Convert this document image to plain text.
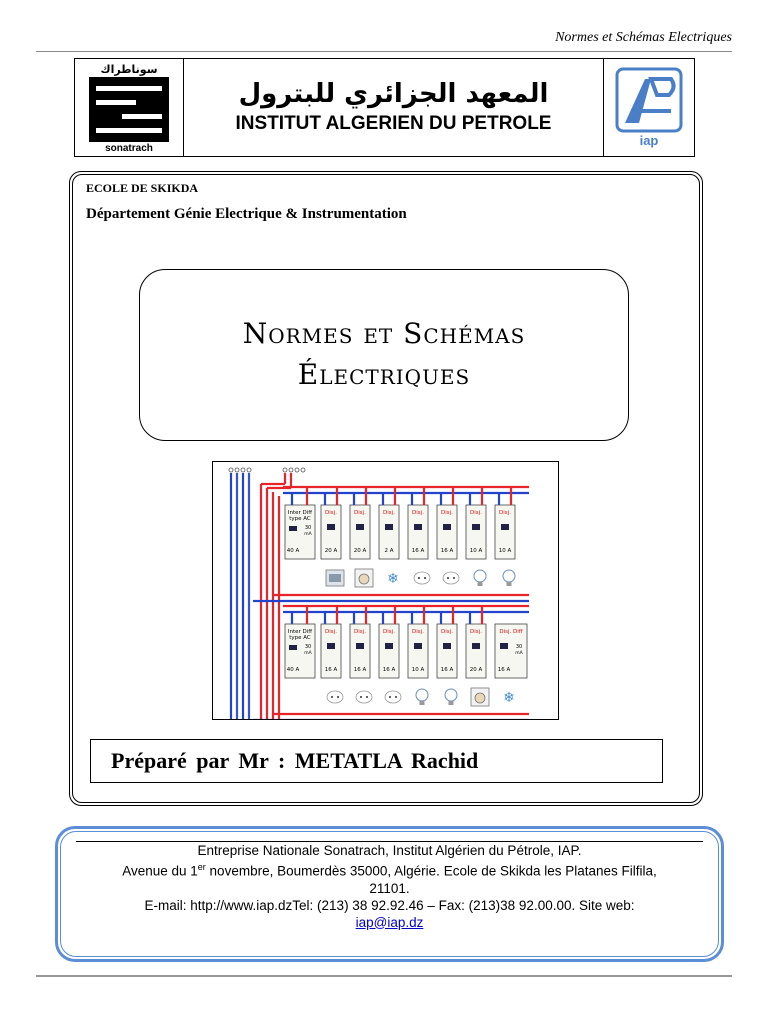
Normes et Schémas Electriques
سوناطراك
sonatrach
المعهد الجزائري للبترول
INSTITUT ALGERIEN DU PETROLE
iap
ECOLE DE SKIKDA
Département Génie Electrique & Instrumentation
Normes et Schémas
Électriques
Inter Diff
type AC
30
mA
40 A
Disj.
20 A
Disj.
20 A
Disj.
2 A
Disj.
16 A
Disj.
16 A
Disj.
10 A
Disj.
10 A
❄
Inter Diff
type AC
30
mA
40 A
Disj.
16 A
Disj.
16 A
Disj.
16 A
Disj.
10 A
Disj.
16 A
Disj.
20 A
Disj. Diff
30
mA
16 A
❄
Préparé par Mr : METATLA Rachid
Entreprise Nationale Sonatrach, Institut Algérien du Pétrole, IAP.
Avenue du 1er novembre, Boumerdès 35000, Algérie. Ecole de Skikda les Platanes Filfila,
21101.
E-mail: http://www.iap.dzTel: (213) 38 92.92.46 – Fax: (213)38 92.00.00. Site web:
iap@iap.dz
